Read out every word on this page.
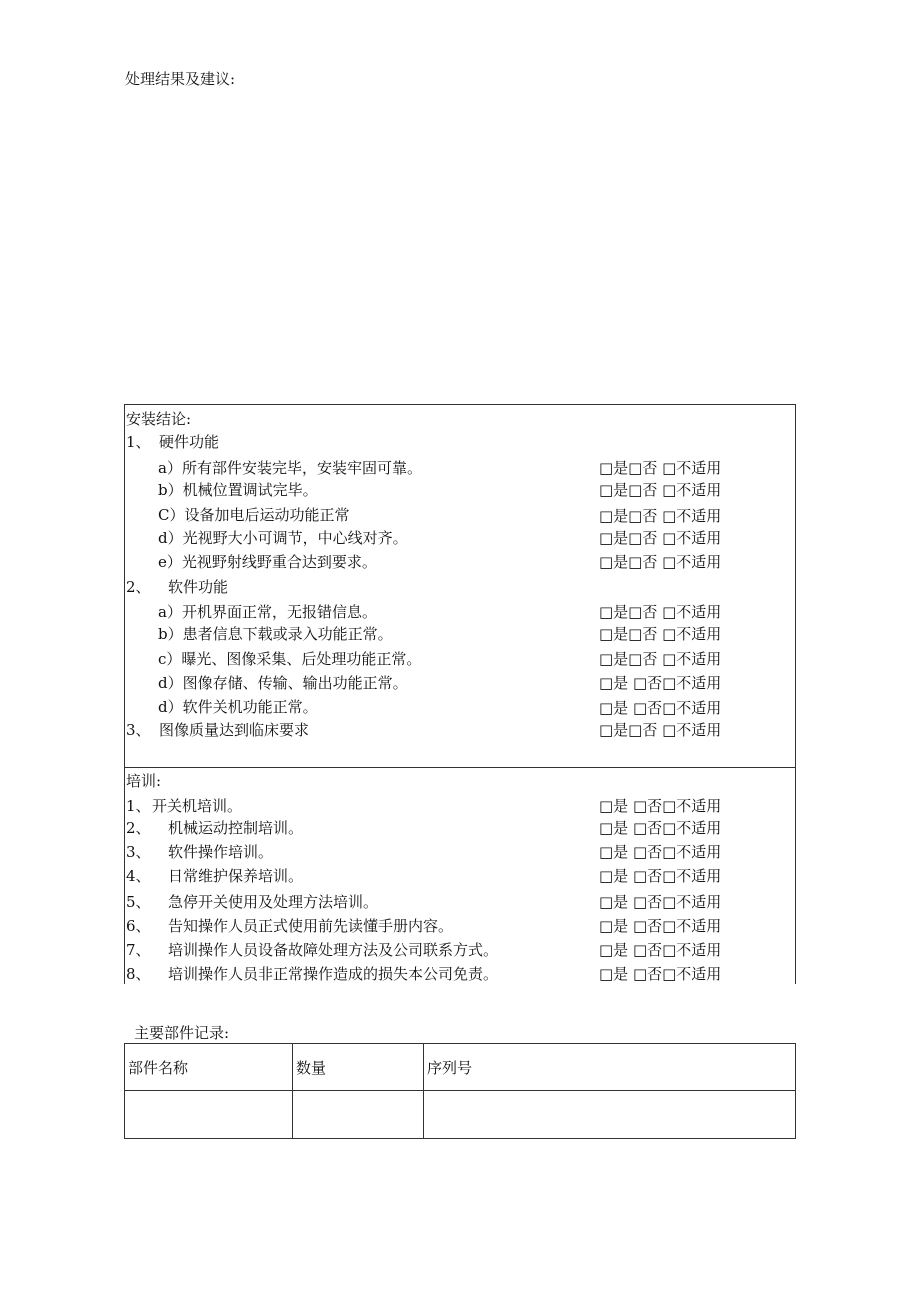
处理结果及建议:
安装结论:
1、 硬件功能
a）所有部件安装完毕，安装牢固可靠。	□是□否 □不适用
b）机械位置调试完毕。	□是□否 □不适用
C）设备加电后运动功能正常	□是□否 □不适用
d）光视野大小可调节，中心线对齐。	□是□否 □不适用
e）光视野射线野重合达到要求。	□是□否 □不适用
2、 软件功能
a）开机界面正常，无报错信息。	□是□否 □不适用
b）患者信息下载或录入功能正常。	□是□否 □不适用
c）曝光、图像采集、后处理功能正常。	□是□否 □不适用
d）图像存储、传输、输出功能正常。	□是 □否□不适用
d）软件关机功能正常。	□是 □否□不适用
3、 图像质量达到临床要求	□是□否 □不适用
培训:
1、 开关机培训。	□是 □否□不适用
2、 机械运动控制培训。	□是 □否□不适用
3、 软件操作培训。	□是 □否□不适用
4、 日常维护保养培训。	□是 □否□不适用
5、 急停开关使用及处理方法培训。	□是 □否□不适用
6、 告知操作人员正式使用前先读懂手册内容。	□是 □否□不适用
7、 培训操作人员设备故障处理方法及公司联系方式。	□是 □否□不适用
8、 培训操作人员非正常操作造成的损失本公司免责。	□是 □否□不适用
主要部件记录:
部件名称	数量	序列号
